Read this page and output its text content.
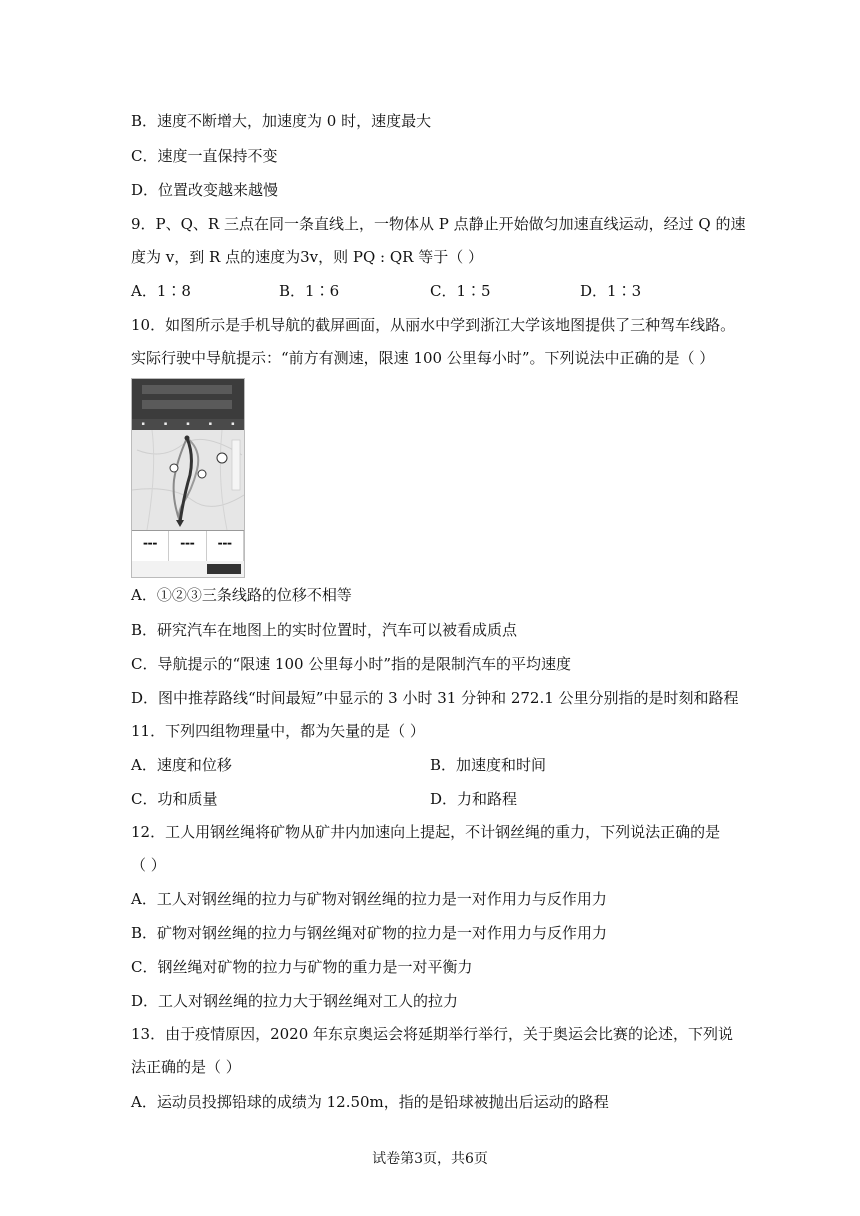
B．速度不断增大，加速度为 0 时，速度最大
C．速度一直保持不变
D．位置改变越来越慢
9．P、Q、R 三点在同一条直线上，一物体从 P 点静止开始做匀加速直线运动，经过 Q 的速
度为 v，到 R 点的速度为3v，则 PQ : QR 等于（ ）
A．1∶8	B．1∶6	C．1∶5	D．1∶3
10．如图所示是手机导航的截屏画面，从丽水中学到浙江大学该地图提供了三种驾车线路。
实际行驶中导航提示：“前方有测速，限速 100 公里每小时”。下列说法中正确的是（ ）
▪	▪	▪	▪	▪
▬▬▬	▬▬▬	▬▬▬
A．①②③三条线路的位移不相等
B．研究汽车在地图上的实时位置时，汽车可以被看成质点
C．导航提示的“限速 100 公里每小时”指的是限制汽车的平均速度
D．图中推荐路线“时间最短”中显示的 3 小时 31 分钟和 272.1 公里分别指的是时刻和路程
11．下列四组物理量中，都为矢量的是（ ）
A．速度和位移	B．加速度和时间
C．功和质量	D．力和路程
12．工人用钢丝绳将矿物从矿井内加速向上提起，不计钢丝绳的重力，下列说法正确的是
（ ）
A．工人对钢丝绳的拉力与矿物对钢丝绳的拉力是一对作用力与反作用力
B．矿物对钢丝绳的拉力与钢丝绳对矿物的拉力是一对作用力与反作用力
C．钢丝绳对矿物的拉力与矿物的重力是一对平衡力
D．工人对钢丝绳的拉力大于钢丝绳对工人的拉力
13．由于疫情原因，2020 年东京奥运会将延期举行举行，关于奥运会比赛的论述，下列说
法正确的是（ ）
A．运动员投掷铅球的成绩为 12.50m，指的是铅球被抛出后运动的路程
试卷第3页，共6页
